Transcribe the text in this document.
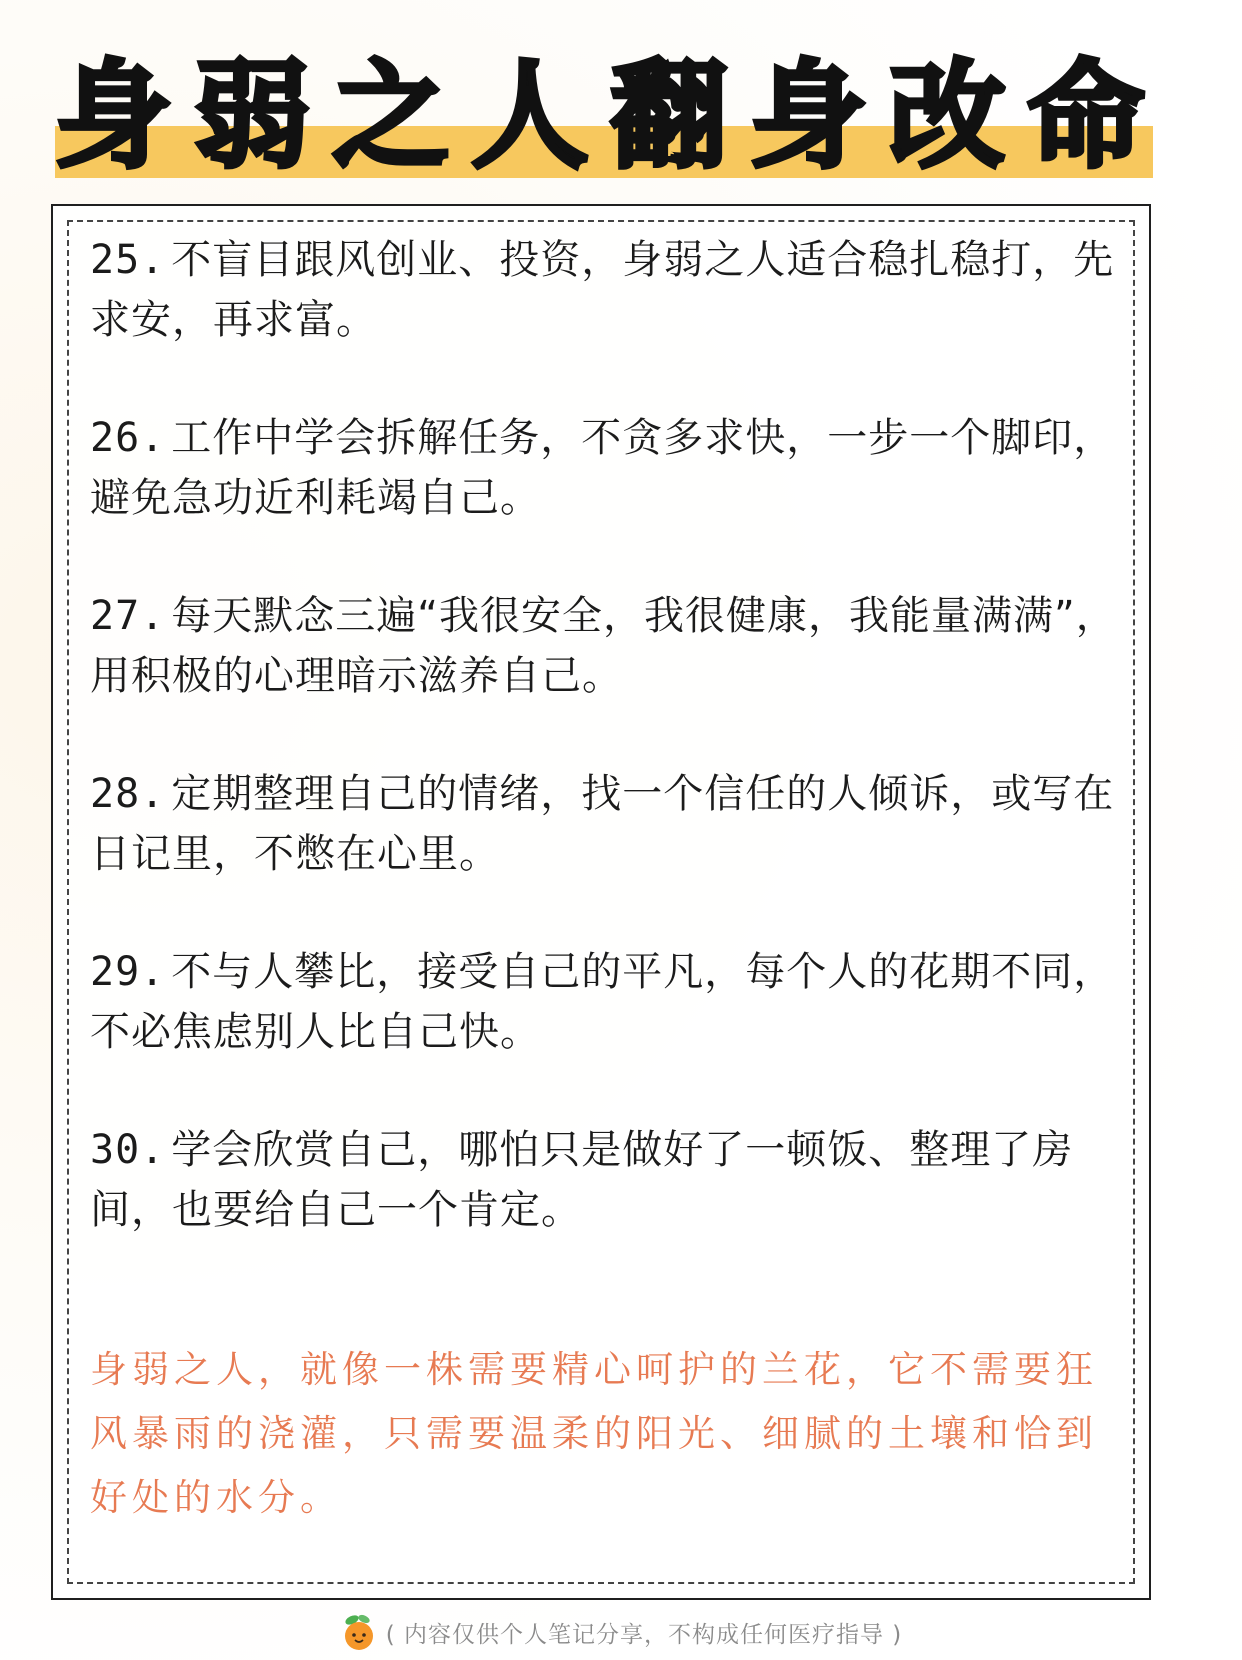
身弱之人翻身改命
25. 不盲目跟风创业、投资，身弱之人适合稳扎稳打，先求安，再求富。
26. 工作中学会拆解任务，不贪多求快，一步一个脚印，避免急功近利耗竭自己。
27. 每天默念三遍“我很安全，我很健康，我能量满满”，用积极的心理暗示滋养自己。
28. 定期整理自己的情绪，找一个信任的人倾诉，或写在日记里，不憋在心里。
29. 不与人攀比，接受自己的平凡，每个人的花期不同，不必焦虑别人比自己快。
30. 学会欣赏自己，哪怕只是做好了一顿饭、整理了房间，也要给自己一个肯定。

身弱之人，就像一株需要精心呵护的兰花，它不需要狂风暴雨的浇灌，只需要温柔的阳光、细腻的土壤和恰到好处的水分。

( 内容仅供个人笔记分享，不构成任何医疗指导 )
